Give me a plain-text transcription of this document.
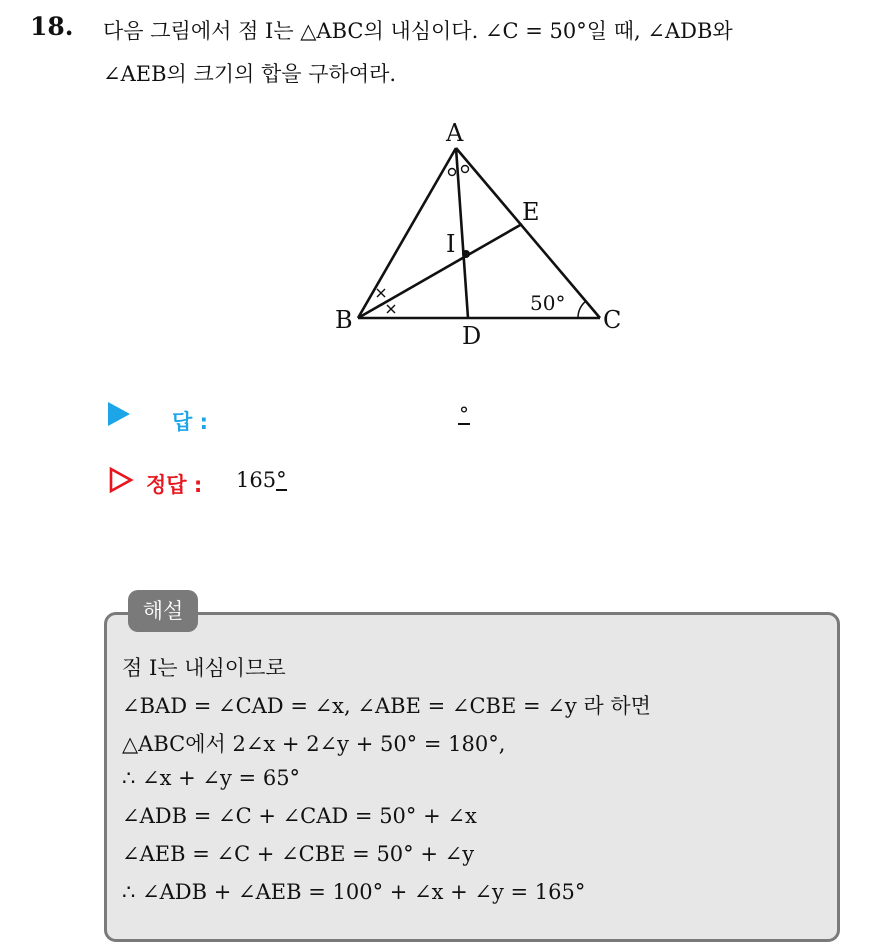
18. 다음 그림에서 점 I는 △ABC의 내심이다. ∠C = 50°일 때, ∠ADB와
∠AEB의 크기의 합을 구하여라.
A
B	C
D
E
I
50°
답 :	°
정답 : 165°
해설
점 I는 내심이므로
∠BAD = ∠CAD = ∠x, ∠ABE = ∠CBE = ∠y 라 하면
△ABC에서 2∠x + 2∠y + 50° = 180°,
∴ ∠x + ∠y = 65°
∠ADB = ∠C + ∠CAD = 50° + ∠x
∠AEB = ∠C + ∠CBE = 50° + ∠y
∴ ∠ADB + ∠AEB = 100° + ∠x + ∠y = 165°
